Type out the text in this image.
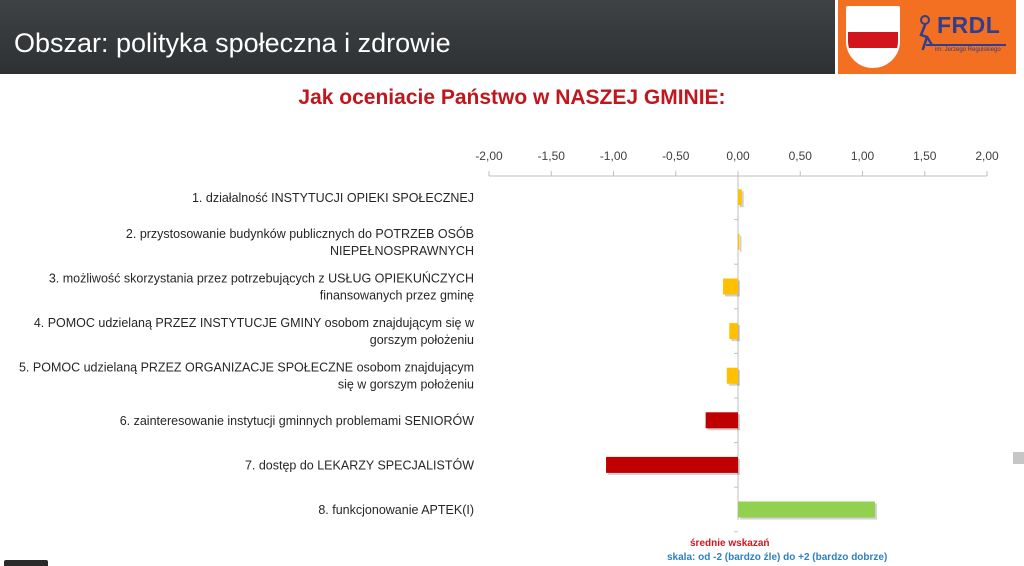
Obszar: polityka społeczna i zdrowie
FRDL
im. Jerzego Regulskiego
Jak oceniacie Państwo w NASZEJ GMINIE:
-2,00	-1,50	-1,00	-0,50	0,00	0,50	1,00	1,50	2,00
1. działalność INSTYTUCJI OPIEKI SPOŁECZNEJ
2. przystosowanie budynków publicznych do POTRZEB OSÓB
NIEPEŁNOSPRAWNYCH
3. możliwość skorzystania przez potrzebujących z USŁUG OPIEKUŃCZYCH
finansowanych przez gminę
4. POMOC udzielaną PRZEZ INSTYTUCJE GMINY osobom znajdującym się w
gorszym położeniu
5. POMOC udzielaną PRZEZ ORGANIZACJE SPOŁECZNE osobom znajdującym
się w gorszym położeniu
6. zainteresowanie instytucji gminnych problemami SENIORÓW
7. dostęp do LEKARZY SPECJALISTÓW
8. funkcjonowanie APTEK(I)
średnie wskazań
skala: od -2 (bardzo źle) do +2 (bardzo dobrze)
